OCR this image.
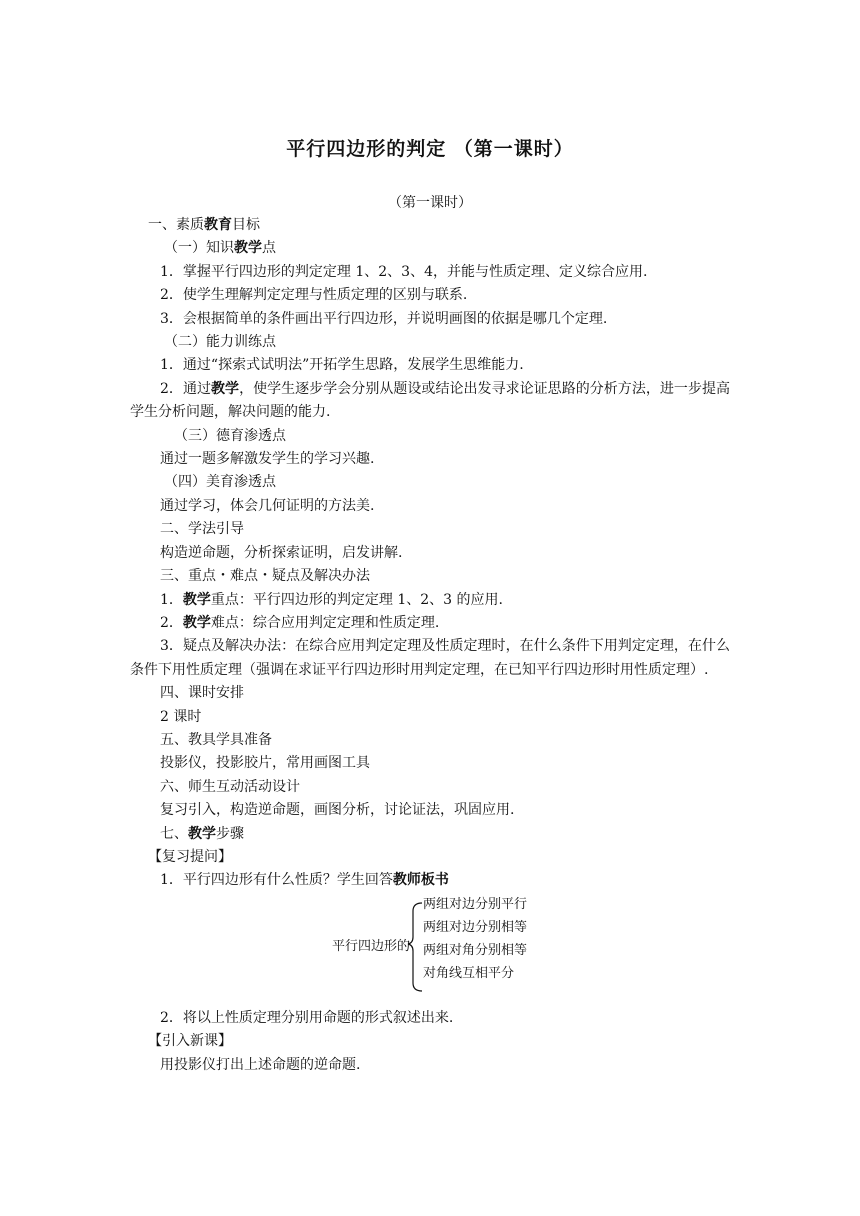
平行四边形的判定 （第一课时）
（第一课时）

一、素质教育目标

（一）知识教学点

1．掌握平行四边形的判定定理 1、2、3、4，并能与性质定理、定义综合应用.

2．使学生理解判定定理与性质定理的区别与联系.

3．会根据简单的条件画出平行四边形，并说明画图的依据是哪几个定理.

（二）能力训练点

1．通过“探索式试明法”开拓学生思路，发展学生思维能力.

2．通过教学，使学生逐步学会分别从题设或结论出发寻求论证思路的分析方法，进一步提高学生分析问题，解决问题的能力.

（三）德育渗透点

通过一题多解激发学生的学习兴趣.

（四）美育渗透点

通过学习，体会几何证明的方法美.

二、学法引导

构造逆命题，分析探索证明，启发讲解.

三、重点・难点・疑点及解决办法

1．教学重点：平行四边形的判定定理 1、2、3 的应用.

2．教学难点：综合应用判定定理和性质定理.

3．疑点及解决办法：在综合应用判定定理及性质定理时，在什么条件下用判定定理，在什么条件下用性质定理（强调在求证平行四边形时用判定定理，在已知平行四边形时用性质定理）.

四、课时安排

2 课时

五、教具学具准备

投影仪，投影胶片，常用画图工具

六、师生互动活动设计

复习引入，构造逆命题，画图分析，讨论证法，巩固应用.

七、教学步骤

【复习提问】

1．平行四边形有什么性质？学生回答教师板书

平行四边形的
两组对边分别平行
两组对边分别相等
两组对角分别相等
对角线互相平分

2．将以上性质定理分别用命题的形式叙述出来.

【引入新课】

用投影仪打出上述命题的逆命题.
